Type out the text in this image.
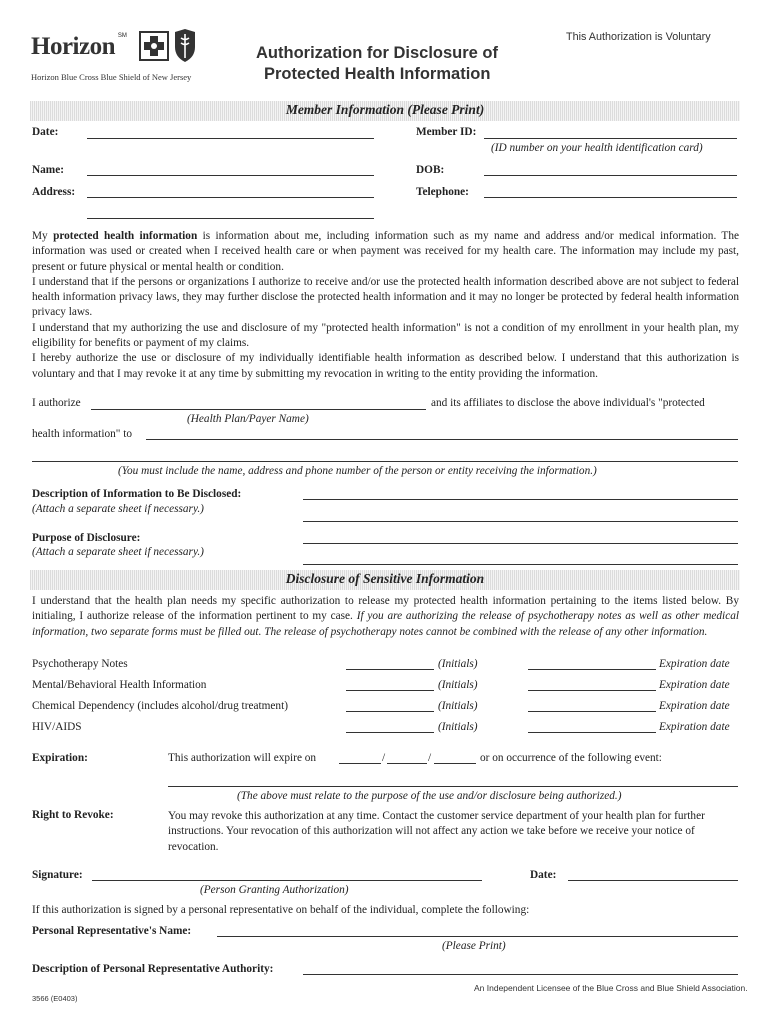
Horizon ℠
Horizon Blue Cross Blue Shield of New Jersey
Authorization for Disclosure of
Protected Health Information
This Authorization is Voluntary
Member Information (Please Print)
Date:	Member ID:
(ID number on your health identification card)
Name:	DOB:
Address:	Telephone:

My protected health information is information about me, including information such as my name and address and/or medical information. The information was used or created when I received health care or when payment was received for my health care. The information may include my past, present or future physical or mental health or condition.

I understand that if the persons or organizations I authorize to receive and/or use the protected health information described above are not subject to federal health information privacy laws, they may further disclose the protected health information and it may no longer be protected by federal health information privacy laws.

I understand that my authorizing the use and disclosure of my "protected health information" is not a condition of my enrollment in your health plan, my eligibility for benefits or payment of my claims.

I hereby authorize the use or disclosure of my individually identifiable health information as described below. I understand that this authorization is voluntary and that I may revoke it at any time by submitting my revocation in writing to the entity providing the information.

I authorize	and its affiliates to disclose the above individual's "protected
(Health Plan/Payer Name)
health information" to
(You must include the name, address and phone number of the person or entity receiving the information.)
Description of Information to Be Disclosed:
(Attach a separate sheet if necessary.)
Purpose of Disclosure:
(Attach a separate sheet if necessary.)
Disclosure of Sensitive Information

I understand that the health plan needs my specific authorization to release my protected health information pertaining to the items listed below. By initialing, I authorize release of the information pertinent to my case. If you are authorizing the release of psychotherapy notes as well as other medical information, two separate forms must be filled out. The release of psychotherapy notes cannot be combined with the release of any other information.

Psychotherapy Notes	(Initials)	Expiration date
Mental/Behavioral Health Information	(Initials)	Expiration date
Chemical Dependency (includes alcohol/drug treatment)	(Initials)	Expiration date
HIV/AIDS	(Initials)	Expiration date
Expiration:	This authorization will expire on	/	/	or on occurrence of the following event:
(The above must relate to the purpose of the use and/or disclosure being authorized.)
Right to Revoke:	You may revoke this authorization at any time. Contact the customer service department of your health plan for further instructions. Your revocation of this authorization will not affect any action we take before we receive your notice of revocation.
Signature:	Date:
(Person Granting Authorization)
If this authorization is signed by a personal representative on behalf of the individual, complete the following:
Personal Representative's Name:
(Please Print)
Description of Personal Representative Authority:
3566 (E0403)
An Independent Licensee of the Blue Cross and Blue Shield Association.
